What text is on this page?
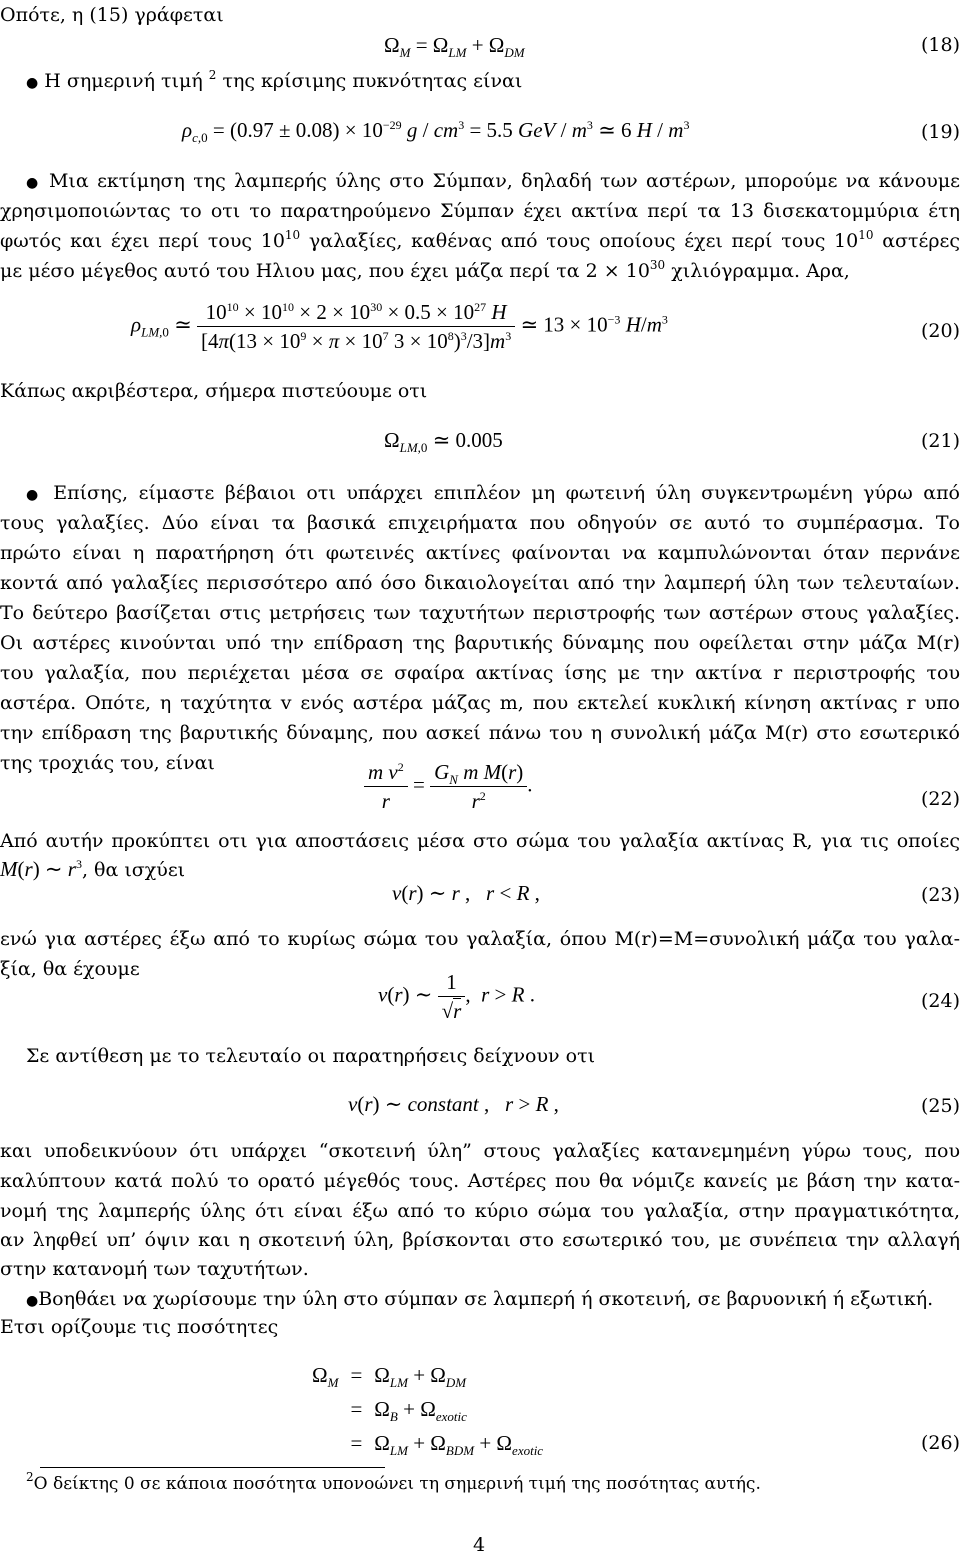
Οπότε, η (15) γράφεται
$\Omega_M = \Omega_{LM} + \Omega_{DM}$	(18)
● Η σημερινή τιμή $^2$ της κρίσιμης πυκνότητας είναι
$\rho_{c,0} = (0.97 \pm 0.08) \times 10^{-29}$ $g / cm^3 = 5.5$ GeV / $m^3$ ≃ 6 H / $m^3$	(19)
● Μια εκτίμηση της λαμπερής ύλης στο Σύμπαν, δηλαδή των αστέρων, μπορούμε να κάνουμε
χρησιμοποιώντας το οτι το παρατηρούμενο Σύμπαν έχει ακτίνα περί τα 13 δισεκατομμύρια έτη
φωτός και έχει περί τους $10^{10}$ γαλαξίες, καθένας από τους οποίους έχει περί τους $10^{10}$ αστέρες
με μέσο μέγεθος αυτό του Ηλιου μας, που έχει μάζα περί τα $2 \times 10^{30}$ χιλιόγραμμα. Αρα,
$\rho_{LM,0}$ ≃ $\frac{10^{10} \times 10^{10} \times 2 \times 10^{30} \times 0.5 \times 10^{27} H}{[4\pi(13 \times 10^9 \times \pi \times 10^7 3 \times 10^8)^3/3]m^3}$ ≃ $13 \times 10^{-3}$ $H/m^3$
(20)
Κάπως ακριβέστερα, σήμερα πιστεύουμε οτι
$\Omega_{LM,0}$ ≃ 0.005	(21)
● Επίσης, είμαστε βέβαιοι οτι υπάρχει επιπλέον μη φωτεινή ύλη συγκεντρωμένη γύρω από
τους γαλαξίες. Δύο είναι τα βασικά επιχειρήματα που οδηγούν σε αυτό το συμπέρασμα. Το
πρώτο είναι η παρατήρηση ότι φωτεινές ακτίνες φαίνονται να καμπυλώνονται όταν περνάνε
κοντά από γαλαξίες περισσότερο από όσο δικαιολογείται από την λαμπερή ύλη των τελευταίων.
Το δεύτερο βασίζεται στις μετρήσεις των ταχυτήτων περιστροφής των αστέρων στους γαλαξίες.
Οι αστέρες κινούνται υπό την επίδραση της βαρυτικής δύναμης που οφείλεται στην μάζα M(r)
του γαλαξία, που περιέχεται μέσα σε σφαίρα ακτίνας ίσης με την ακτίνα r περιστροφής του
αστέρα. Οπότε, η ταχύτητα v ενός αστέρα μάζας m, που εκτελεί κυκλική κίνηση ακτίνας r υπο
την επίδραση της βαρυτικής δύναμης, που ασκεί πάνω του η συνολική μάζα M(r) στο εσωτερικό
της τροχιάς του, είναι	$\frac{m v^2}{r} = \frac{G_N m M(r)}{r^2}$ .
(22)
Από αυτήν προκύπτει οτι για αποστάσεις μέσα στο σώμα του γαλαξία ακτίνας R, για τις οποίες
M(r) ∼ $r^3$, θα ισχύει
v(r) ∼ r ,   r < R ,	(23)
ενώ για αστέρες έξω από το κυρίως σώμα του γαλαξία, όπου M(r)=M=συνολική μάζα του γαλα-
ξία, θα έχουμε
v(r) ∼ $\frac{1}{√r}$ ,  r > R .	(24)
Σε αντίθεση με το τελευταίο οι παρατηρήσεις δείχνουν οτι
v(r) ∼ constant ,   r > R ,	(25)
και υποδεικνύουν ότι υπάρχει “σκοτεινή ύλη” στους γαλαξίες κατανεμημένη γύρω τους, που
καλύπτουν κατά πολύ το ορατό μέγεθός τους. Αστέρες που θα νόμιζε κανείς με βάση την κατα-
νομή της λαμπερής ύλης ότι είναι έξω από το κύριο σώμα του γαλαξία, στην πραγματικότητα,
αν ληφθεί υπ’ όψιν και η σκοτεινή ύλη, βρίσκονται στο εσωτερικό του, με συνέπεια την αλλαγή
στην κατανομή των ταχυτήτων.
●Βοηθάει να χωρίσουμε την ύλη στο σύμπαν σε λαμπερή ή σκοτεινή, σε βαρυονική ή εξωτική.
Ετσι ορίζουμε τις ποσότητες
$\Omega_M$	=	$\Omega_{LM} + \Omega_{DM}$
	=	$\Omega_B + \Omega_{exotic}$
	=	$\Omega_{LM} + \Omega_{BDM} + \Omega_{exotic}$	(26)
$^2$Ο δείκτης 0 σε κάποια ποσότητα υπονοώνει τη σημερινή τιμή της ποσότητας αυτής.
4
